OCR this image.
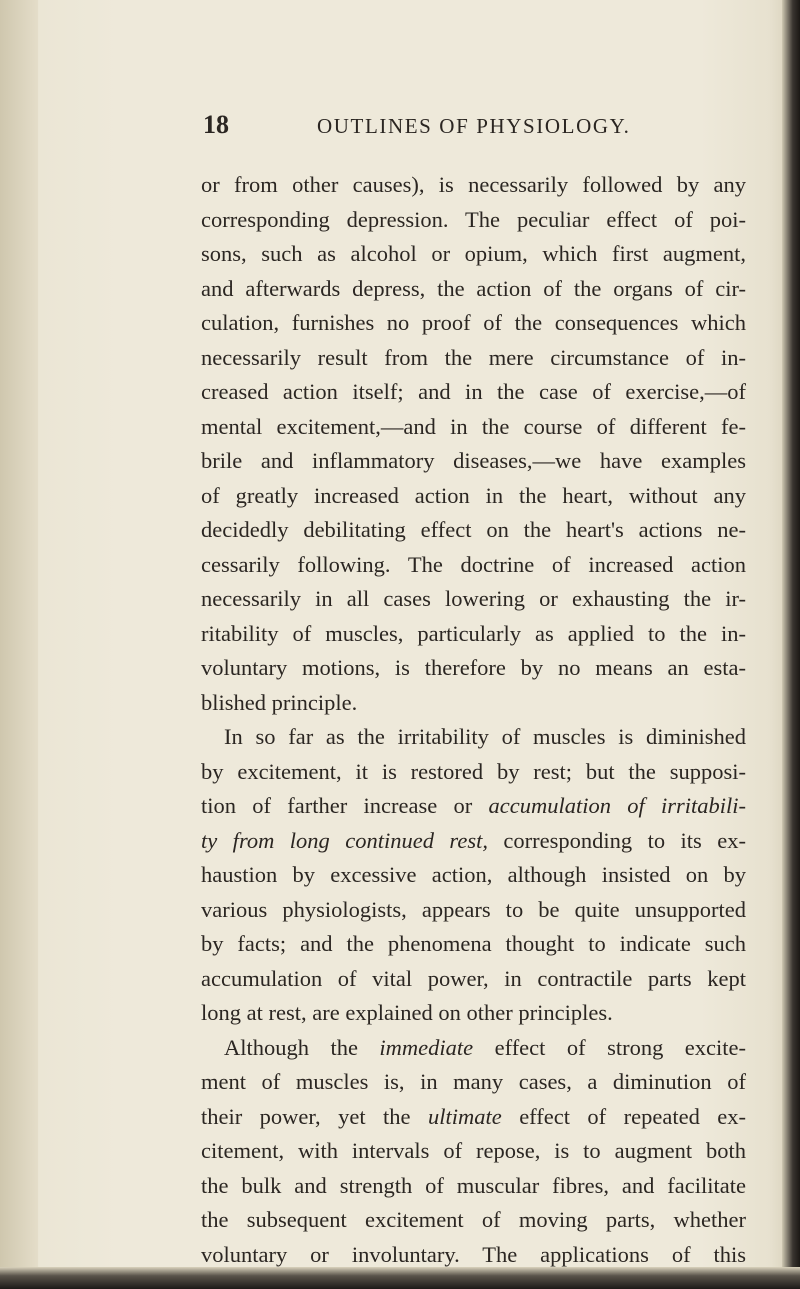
18	OUTLINES OF PHYSIOLOGY.
or from other causes), is necessarily followed by any
corresponding depression. The peculiar effect of poi-
sons, such as alcohol or opium, which first augment,
and afterwards depress, the action of the organs of cir-
culation, furnishes no proof of the consequences which
necessarily result from the mere circumstance of in-
creased action itself; and in the case of exercise,—of
mental excitement,—and in the course of different fe-
brile and inflammatory diseases,—we have examples
of greatly increased action in the heart, without any
decidedly debilitating effect on the heart's actions ne-
cessarily following. The doctrine of increased action
necessarily in all cases lowering or exhausting the ir-
ritability of muscles, particularly as applied to the in-
voluntary motions, is therefore by no means an esta-
blished principle.
In so far as the irritability of muscles is diminished
by excitement, it is restored by rest; but the supposi-
tion of farther increase or accumulation of irritabili-
ty from long continued rest, corresponding to its ex-
haustion by excessive action, although insisted on by
various physiologists, appears to be quite unsupported
by facts; and the phenomena thought to indicate such
accumulation of vital power, in contractile parts kept
long at rest, are explained on other principles.
Although the immediate effect of strong excite-
ment of muscles is, in many cases, a diminution of
their power, yet the ultimate effect of repeated ex-
citement, with intervals of repose, is to augment both
the bulk and strength of muscular fibres, and facilitate
the subsequent excitement of moving parts, whether
voluntary or involuntary. The applications of this
